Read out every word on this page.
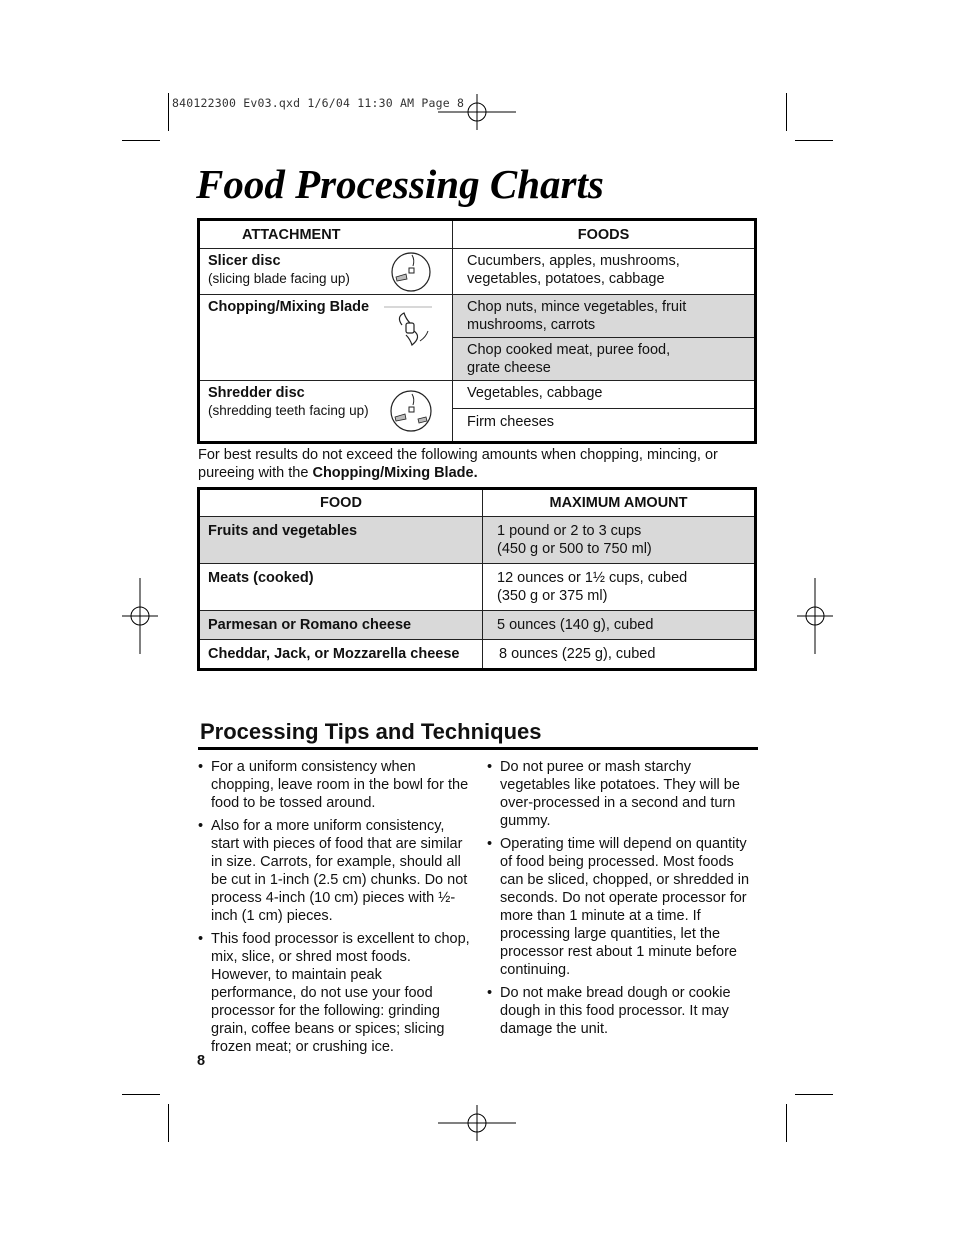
840122300 Ev03.qxd 1/6/04 11:30 AM Page 8
Food Processing Charts
ATTACHMENT	FOODS
Slicer disc
(slicing blade facing up)	Cucumbers, apples, mushrooms,
vegetables, potatoes, cabbage
Chopping/Mixing Blade	Chop nuts, mince vegetables, fruit
mushrooms, carrots
	Chop cooked meat, puree food,
grate cheese
Shredder disc
(shredding teeth facing up)	Vegetables, cabbage
	Firm cheeses
For best results do not exceed the following amounts when chopping, mincing, or pureeing with the Chopping/Mixing Blade.
FOOD	MAXIMUM AMOUNT
Fruits and vegetables	1 pound or 2 to 3 cups
(450 g or 500 to 750 ml)
Meats (cooked)	12 ounces or 1½ cups, cubed
(350 g or 375 ml)
Parmesan or Romano cheese	5 ounces (140 g), cubed
Cheddar, Jack, or Mozzarella cheese	8 ounces (225 g), cubed
Processing Tips and Techniques
• For a uniform consistency when chopping, leave room in the bowl for the food to be tossed around.
• Also for a more uniform consistency, start with pieces of food that are similar in size. Carrots, for example, should all be cut in 1-inch (2.5 cm) chunks. Do not process 4-inch (10 cm) pieces with ½-inch (1 cm) pieces.
• This food processor is excellent to chop, mix, slice, or shred most foods. However, to maintain peak performance, do not use your food processor for the following: grinding grain, coffee beans or spices; slicing frozen meat; or crushing ice.
• Do not puree or mash starchy vegetables like potatoes. They will be over-processed in a second and turn gummy.
• Operating time will depend on quantity of food being processed. Most foods can be sliced, chopped, or shredded in seconds. Do not operate processor for more than 1 minute at a time. If processing large quantities, let the processor rest about 1 minute before continuing.
• Do not make bread dough or cookie dough in this food processor. It may damage the unit.
8
